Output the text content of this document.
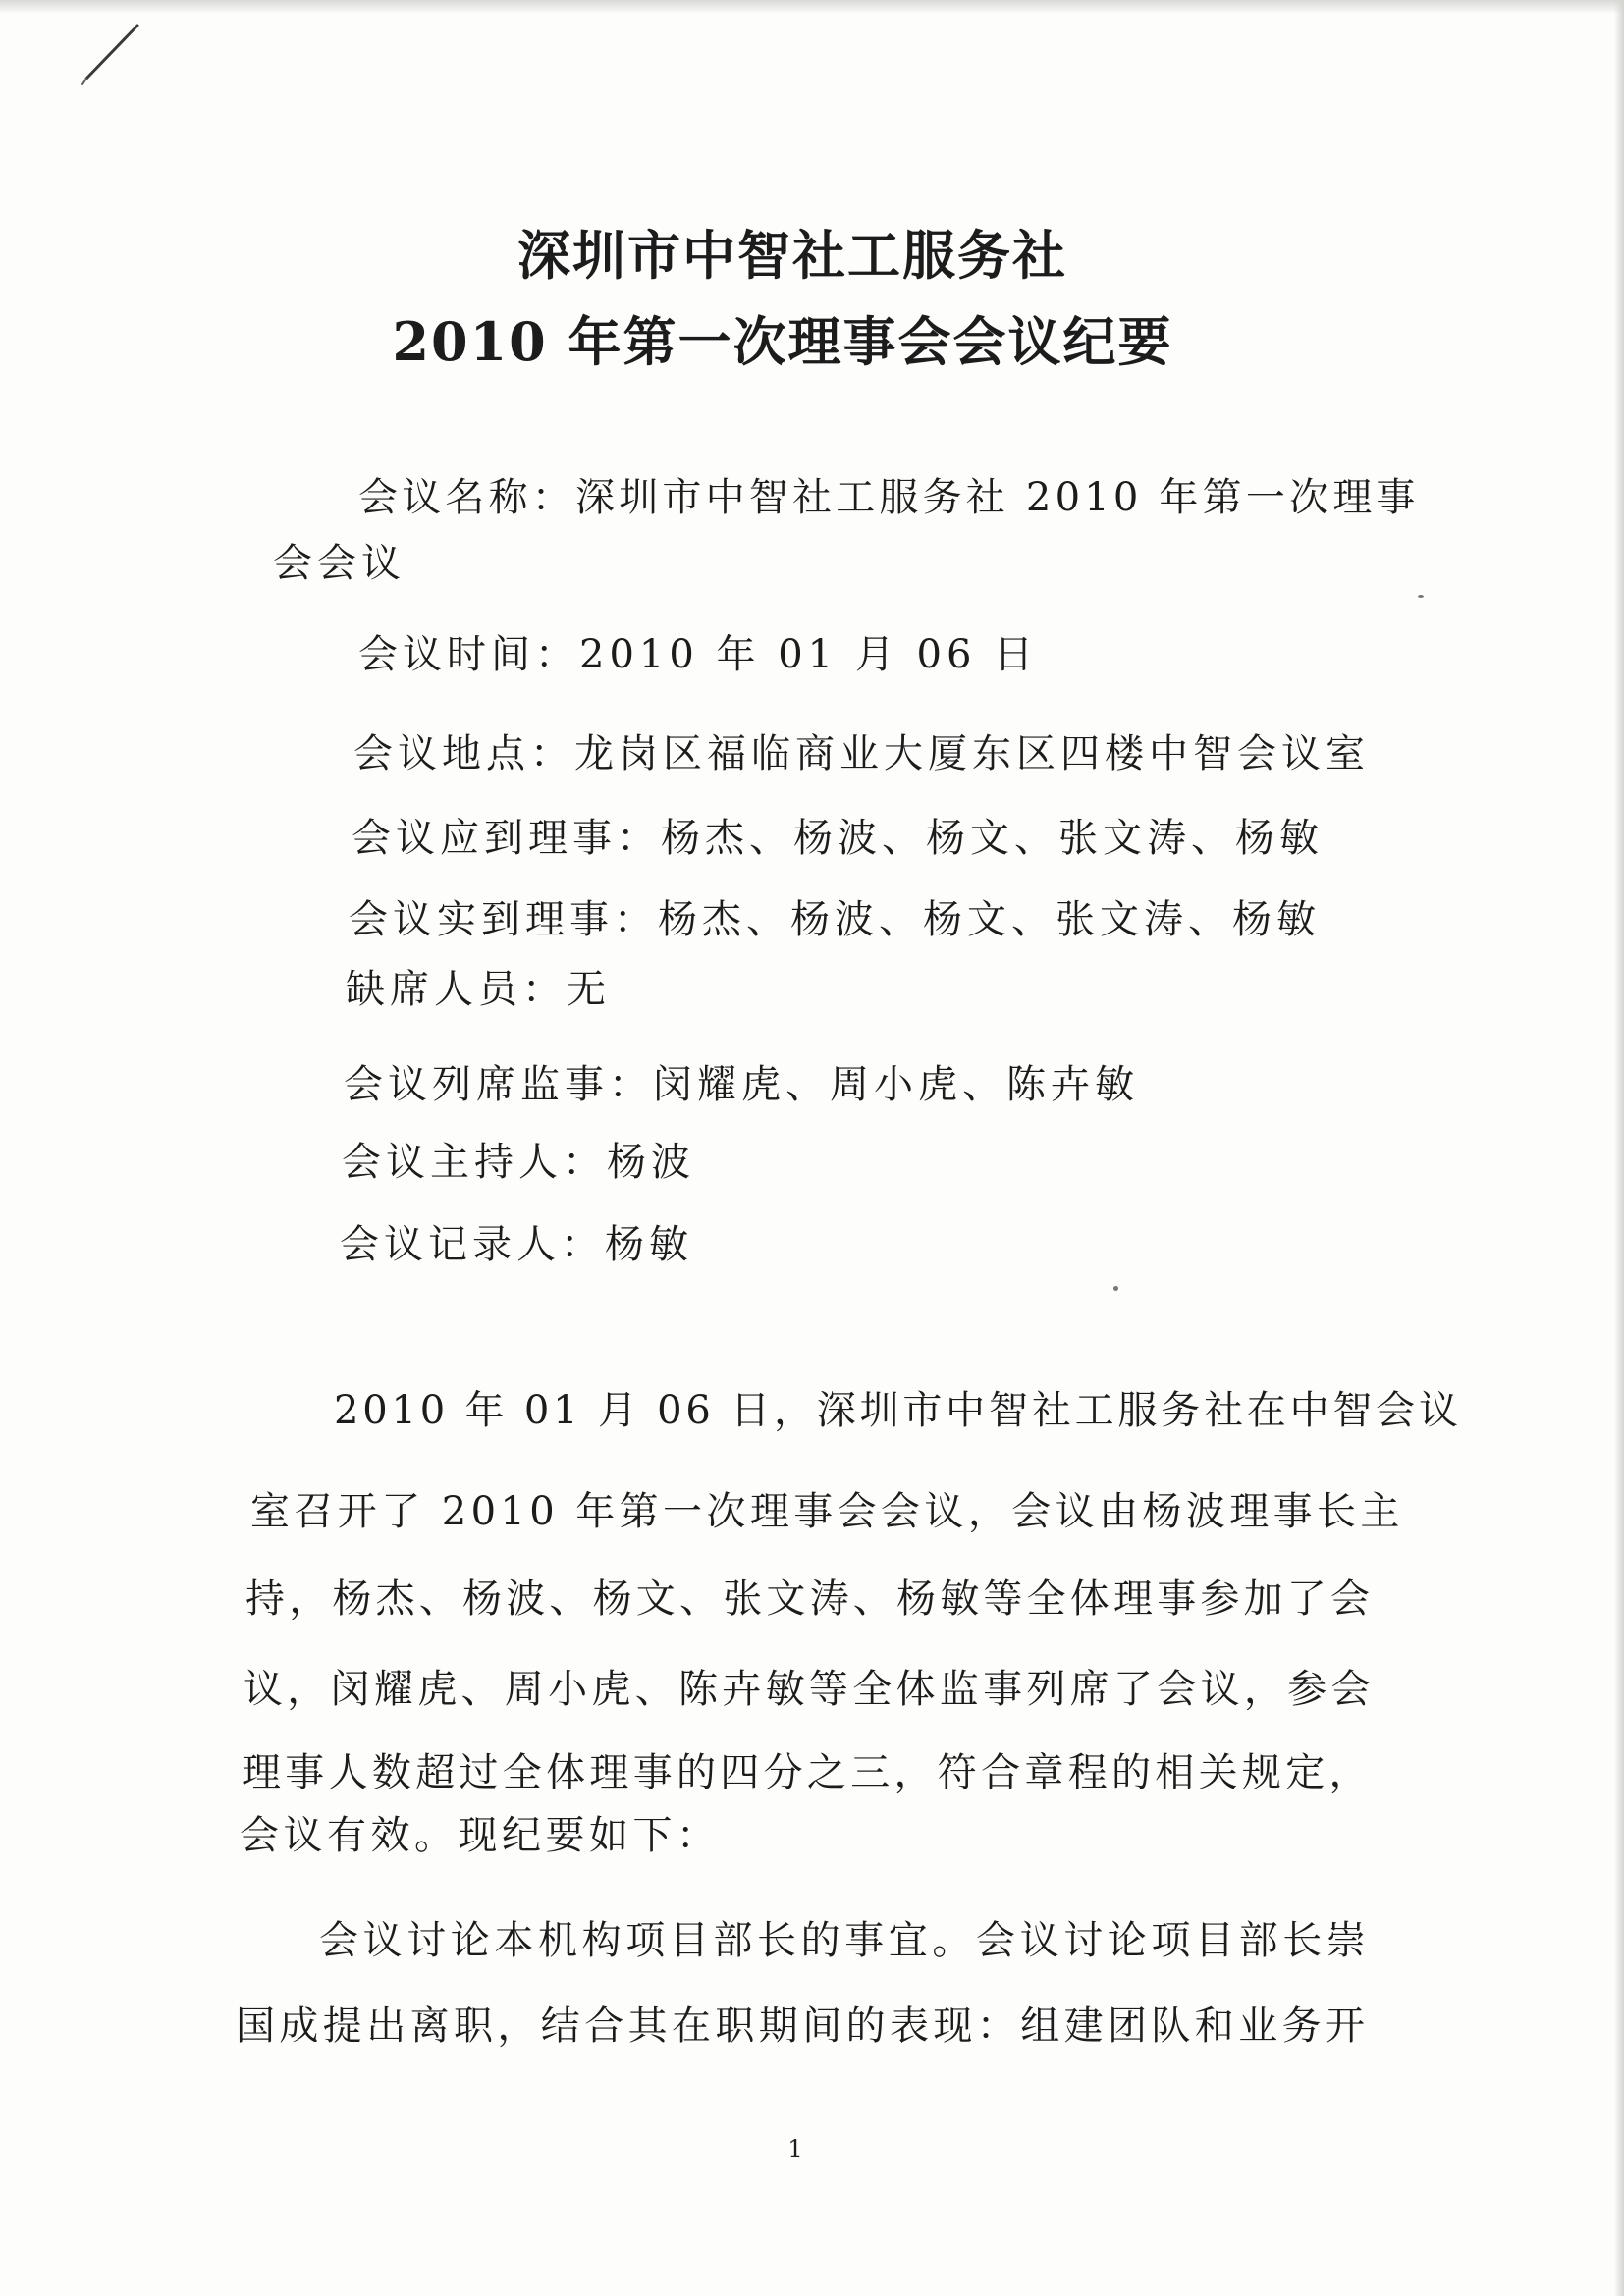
深圳市中智社工服务社
2010 年第一次理事会会议纪要
会议名称：深圳市中智社工服务社 2010 年第一次理事
会会议
会议时间：2010 年 01 月 06 日
会议地点：龙岗区福临商业大厦东区四楼中智会议室
会议应到理事：杨杰、杨波、杨文、张文涛、杨敏
会议实到理事：杨杰、杨波、杨文、张文涛、杨敏
缺席人员：无
会议列席监事：闵耀虎、周小虎、陈卉敏
会议主持人：杨波
会议记录人：杨敏
2010 年 01 月 06 日，深圳市中智社工服务社在中智会议
室召开了 2010 年第一次理事会会议，会议由杨波理事长主
持，杨杰、杨波、杨文、张文涛、杨敏等全体理事参加了会
议，闵耀虎、周小虎、陈卉敏等全体监事列席了会议，参会
理事人数超过全体理事的四分之三，符合章程的相关规定，
会议有效。现纪要如下：
会议讨论本机构项目部长的事宜。会议讨论项目部长崇
国成提出离职，结合其在职期间的表现：组建团队和业务开
1
